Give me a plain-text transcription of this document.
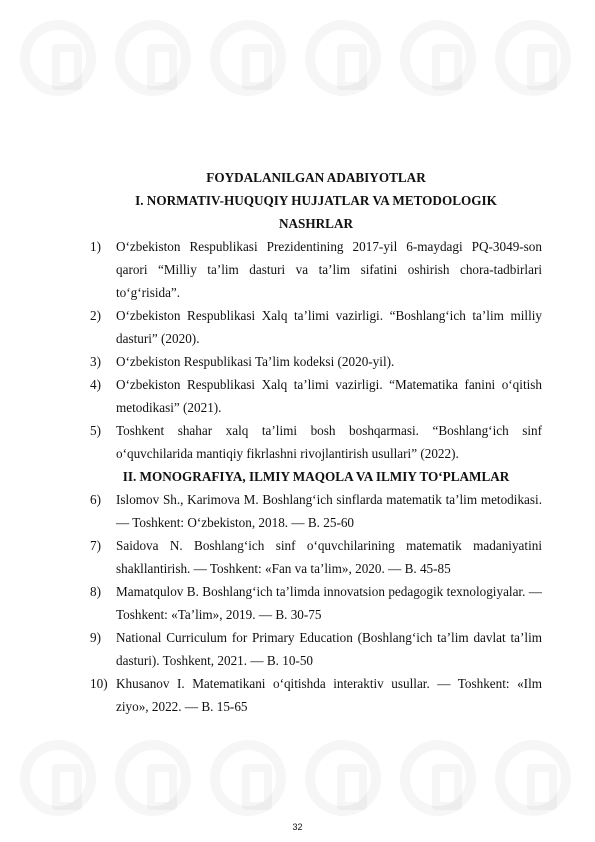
FOYDALANILGAN ADABIYOTLAR

I. NORMATIV-HUQUQIY HUJJATLAR VA METODOLOGIK

NASHRLAR

1)	O‘zbekiston Respublikasi Prezidentining 2017-yil 6-maydagi PQ-3049-son qarori “Milliy ta’lim dasturi va ta’lim sifatini oshirish chora-tadbirlari to‘g‘risida”.
2)	O‘zbekiston Respublikasi Xalq ta’limi vazirligi. “Boshlang‘ich ta’lim milliy dasturi” (2020).
3)	O‘zbekiston Respublikasi Ta’lim kodeksi (2020-yil).
4)	O‘zbekiston Respublikasi Xalq ta’limi vazirligi. “Matematika fanini o‘qitish metodikasi” (2021).
5)	Toshkent shahar xalq ta’limi bosh boshqarmasi. “Boshlang‘ich sinf o‘quvchilarida mantiqiy fikrlashni rivojlantirish usullari” (2022).

II. MONOGRAFIYA, ILMIY MAQOLA VA ILMIY TO‘PLAMLAR

6)	Islomov Sh., Karimova M. Boshlang‘ich sinflarda matematik ta’lim metodikasi. — Toshkent: O‘zbekiston, 2018. — B. 25-60
7)	Saidova N. Boshlang‘ich sinf o‘quvchilarining matematik madaniyatini shakllantirish. — Toshkent: «Fan va ta’lim», 2020. — B. 45-85
8)	Mamatqulov B. Boshlang‘ich ta’limda innovatsion pedagogik texnologiyalar. — Toshkent: «Ta’lim», 2019. — B. 30-75
9)	National Curriculum for Primary Education (Boshlang‘ich ta’lim davlat ta’lim dasturi). Toshkent, 2021. — B. 10-50
10) Khusanov I. Matematikani o‘qitishda interaktiv usullar. — Toshkent: «Ilm ziyo», 2022. — B. 15-65
32
